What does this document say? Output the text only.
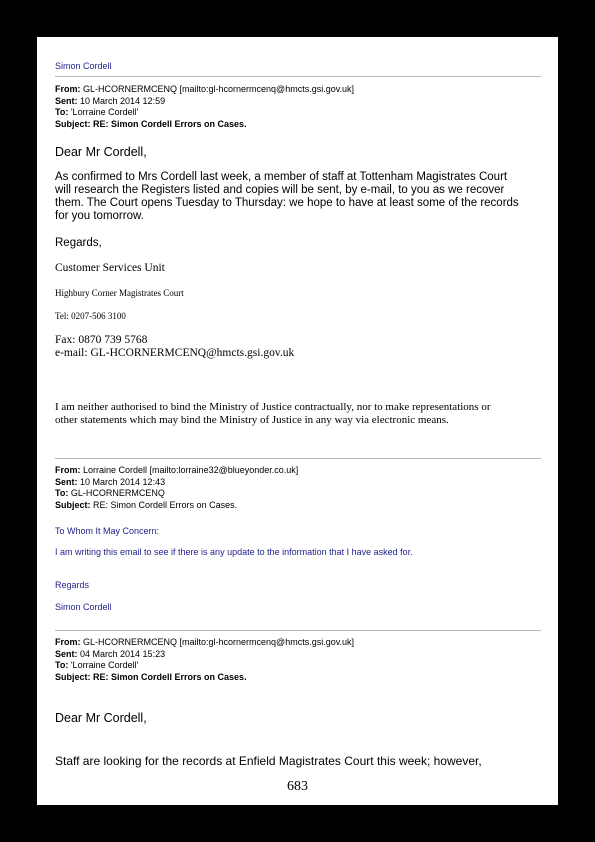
Simon Cordell
From: GL-HCORNERMCENQ [mailto:gl-hcornermcenq@hmcts.gsi.gov.uk]
Sent: 10 March 2014 12:59
To: 'Lorraine Cordell'
Subject: RE: Simon Cordell Errors on Cases.
Dear Mr Cordell,

As confirmed to Mrs Cordell last week, a member of staff at Tottenham Magistrates Court

will research the Registers listed and copies will be sent, by e-mail, to you as we recover

them. The Court opens Tuesday to Thursday: we hope to have at least some of the records

for you tomorrow.

Regards,
Customer Services Unit
Highbury Corner Magistrates Court
Tel: 0207-506 3100

Fax: 0870 739 5768

e-mail: GL-HCORNERMCENQ@hmcts.gsi.gov.uk

I am neither authorised to bind the Ministry of Justice contractually, nor to make representations or

other statements which may bind the Ministry of Justice in any way via electronic means.

From: Lorraine Cordell [mailto:lorraine32@blueyonder.co.uk]
Sent: 10 March 2014 12:43
To: GL-HCORNERMCENQ
Subject: RE: Simon Cordell Errors on Cases.
To Whom It May Concern:
I am writing this email to see if there is any update to the information that I have asked for.
Regards
Simon Cordell
From: GL-HCORNERMCENQ [mailto:gl-hcornermcenq@hmcts.gsi.gov.uk]
Sent: 04 March 2014 15:23
To: 'Lorraine Cordell'
Subject: RE: Simon Cordell Errors on Cases.
Dear Mr Cordell,
Staff are looking for the records at Enfield Magistrates Court this week; however,
683
